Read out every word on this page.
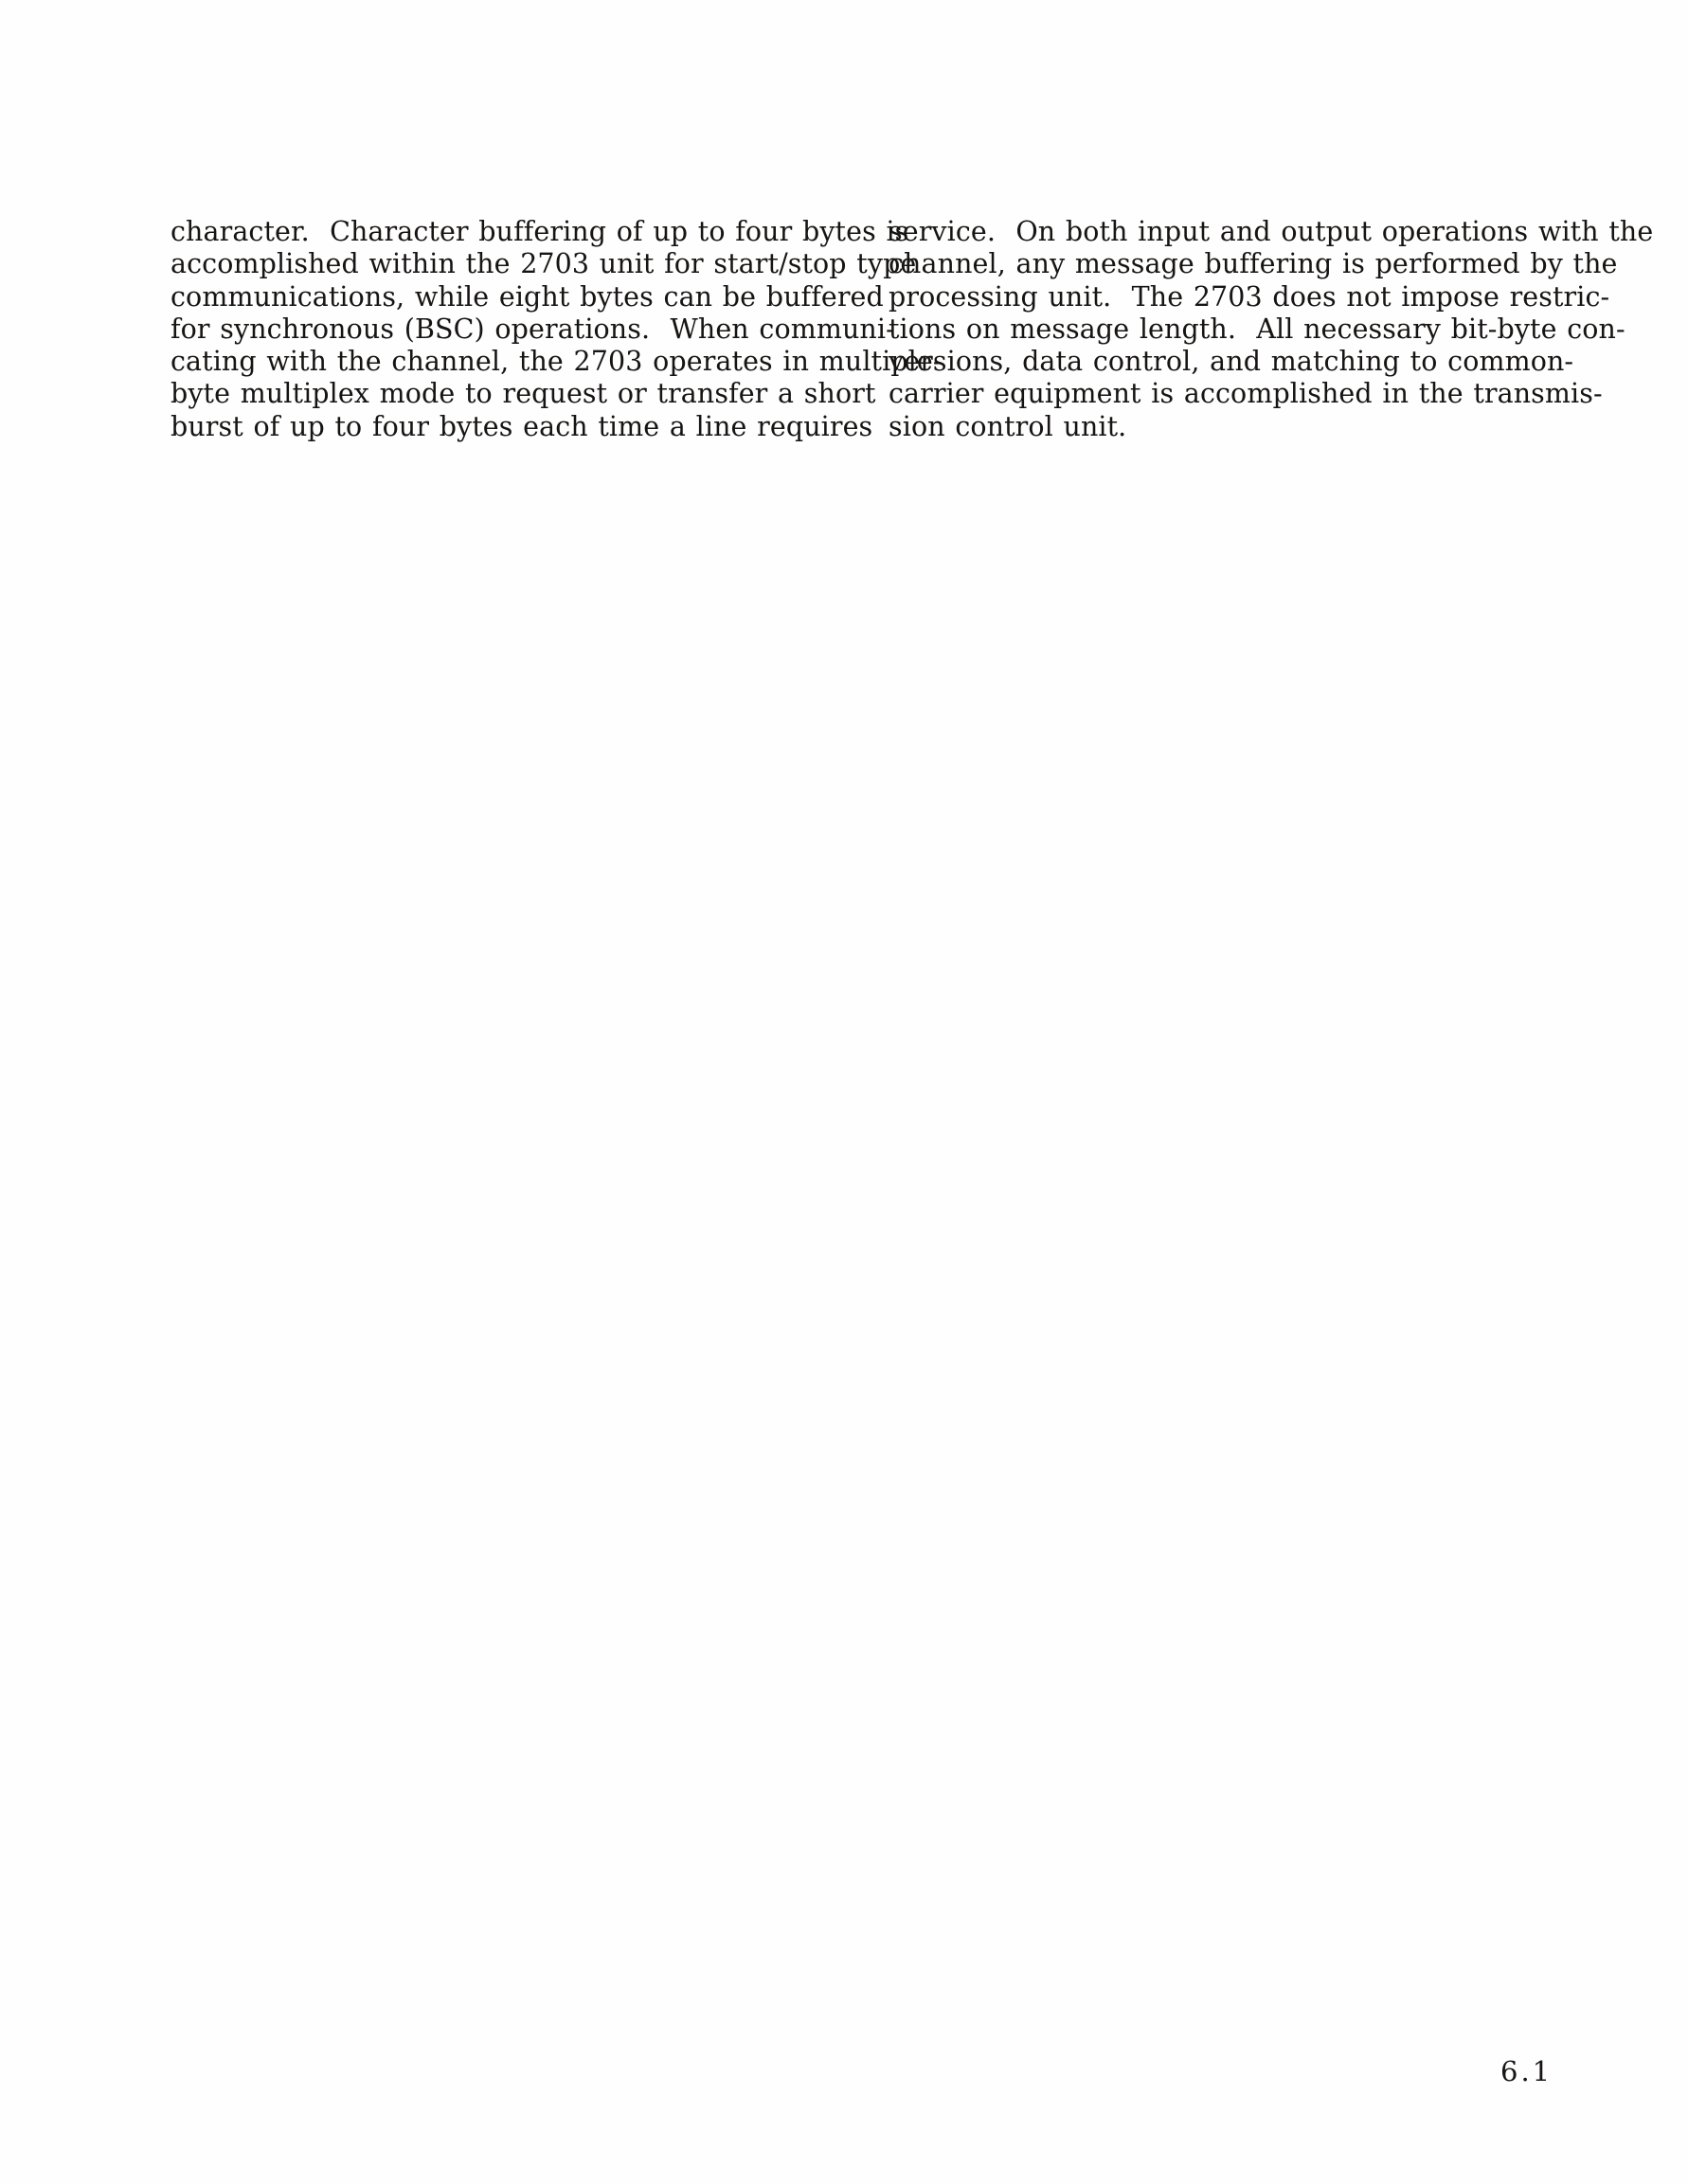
character.  Character buffering of up to four bytes is
accomplished within the 2703 unit for start/stop type
communications, while eight bytes can be buffered
for synchronous (BSC) operations.  When communi-
cating with the channel, the 2703 operates in multiple-
byte multiplex mode to request or transfer a short
burst of up to four bytes each time a line requires
service.  On both input and output operations with the
channel, any message buffering is performed by the
processing unit.  The 2703 does not impose restric-
tions on message length.  All necessary bit-byte con-
versions, data control, and matching to common-
carrier equipment is accomplished in the transmis-
sion control unit.
6.1
